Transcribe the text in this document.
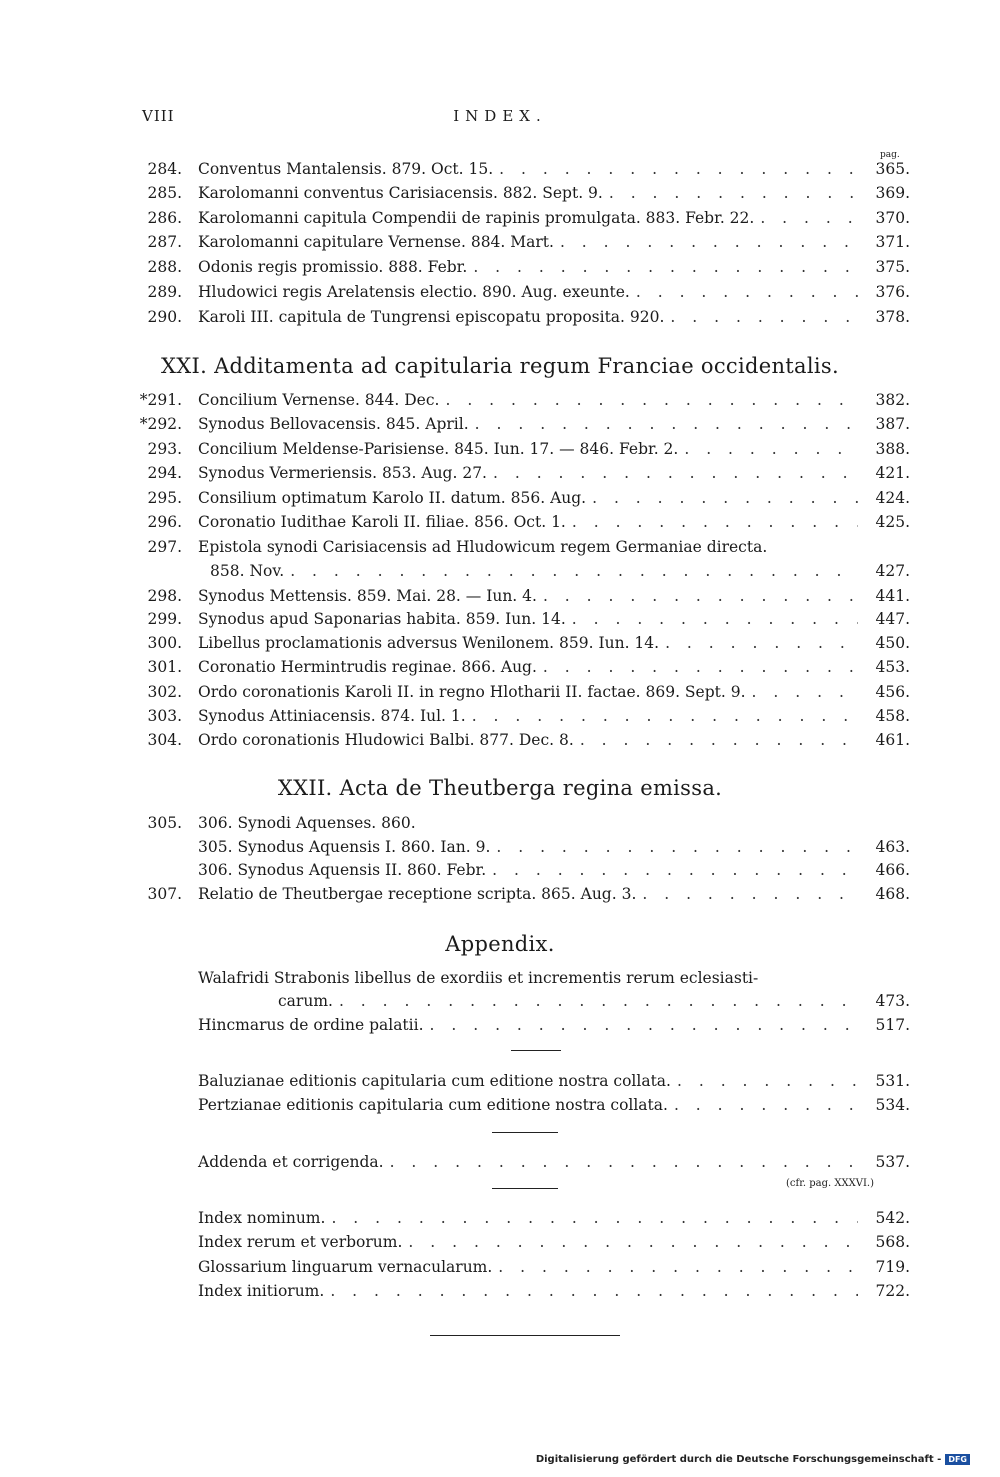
VIII	INDEX.
pag.
284.	Conventus Mantalensis. 879. Oct. 15. . . .	365.
285.	Karolomanni conventus Carisiacensis. 882. Sept. 9. . . .	369.
286.	Karolomanni capitula Compendii de rapinis promulgata. 883. Febr. 22. . . .	370.
287.	Karolomanni capitulare Vernense. 884. Mart. . . .	371.
288.	Odonis regis promissio. 888. Febr. . . .	375.
289.	Hludowici regis Arelatensis electio. 890. Aug. exeunte. . . .	376.
290.	Karoli III. capitula de Tungrensi episcopatu proposita. 920. . . .	378.
XXI. Additamenta ad capitularia regum Franciae occidentalis.
*291.	Concilium Vernense. 844. Dec. . . .	382.
*292.	Synodus Bellovacensis. 845. April. . . .	387.
293.	Concilium Meldense-Parisiense. 845. Iun. 17. — 846. Febr. 2. . . .	388.
294.	Synodus Vermeriensis. 853. Aug. 27. . . .	421.
295.	Consilium optimatum Karolo II. datum. 856. Aug. . . .	424.
296.	Coronatio Iudithae Karoli II. filiae. 856. Oct. 1. . . .	425.
297.	Epistola synodi Carisiacensis ad Hludowicum regem Germaniae directa.
858. Nov. . . .	427.
298.	Synodus Mettensis. 859. Mai. 28. — Iun. 4. . . .	441.
299.	Synodus apud Saponarias habita. 859. Iun. 14. . . .	447.
300.	Libellus proclamationis adversus Wenilonem. 859. Iun. 14. . . .	450.
301.	Coronatio Hermintrudis reginae. 866. Aug. . . .	453.
302.	Ordo coronationis Karoli II. in regno Hlotharii II. factae. 869. Sept. 9. . . .	456.
303.	Synodus Attiniacensis. 874. Iul. 1. . . .	458.
304.	Ordo coronationis Hludowici Balbi. 877. Dec. 8. . . .	461.
XXII. Acta de Theutberga regina emissa.
305.	306. Synodi Aquenses. 860.
305. Synodus Aquensis I. 860. Ian. 9. . . .	463.
306. Synodus Aquensis II. 860. Febr. . . .	466.
307.	Relatio de Theutbergae receptione scripta. 865. Aug. 3. . . .	468.
Appendix.
Walafridi Strabonis libellus de exordiis et incrementis rerum eclesiasti-
carum. . . .	473.
Hincmarus de ordine palatii. . . .	517.
Baluzianae editionis capitularia cum editione nostra collata. . . .	531.
Pertzianae editionis capitularia cum editione nostra collata. . . .	534.
Addenda et corrigenda. . . .	537.
(cfr. pag. XXXVI.)
Index nominum. . . .	542.
Index rerum et verborum. . . .	568.
Glossarium linguarum vernacularum. . . .	719.
Index initiorum. . . .	722.
Digitalisierung gefördert durch die Deutsche Forschungsgemeinschaft - DFG
